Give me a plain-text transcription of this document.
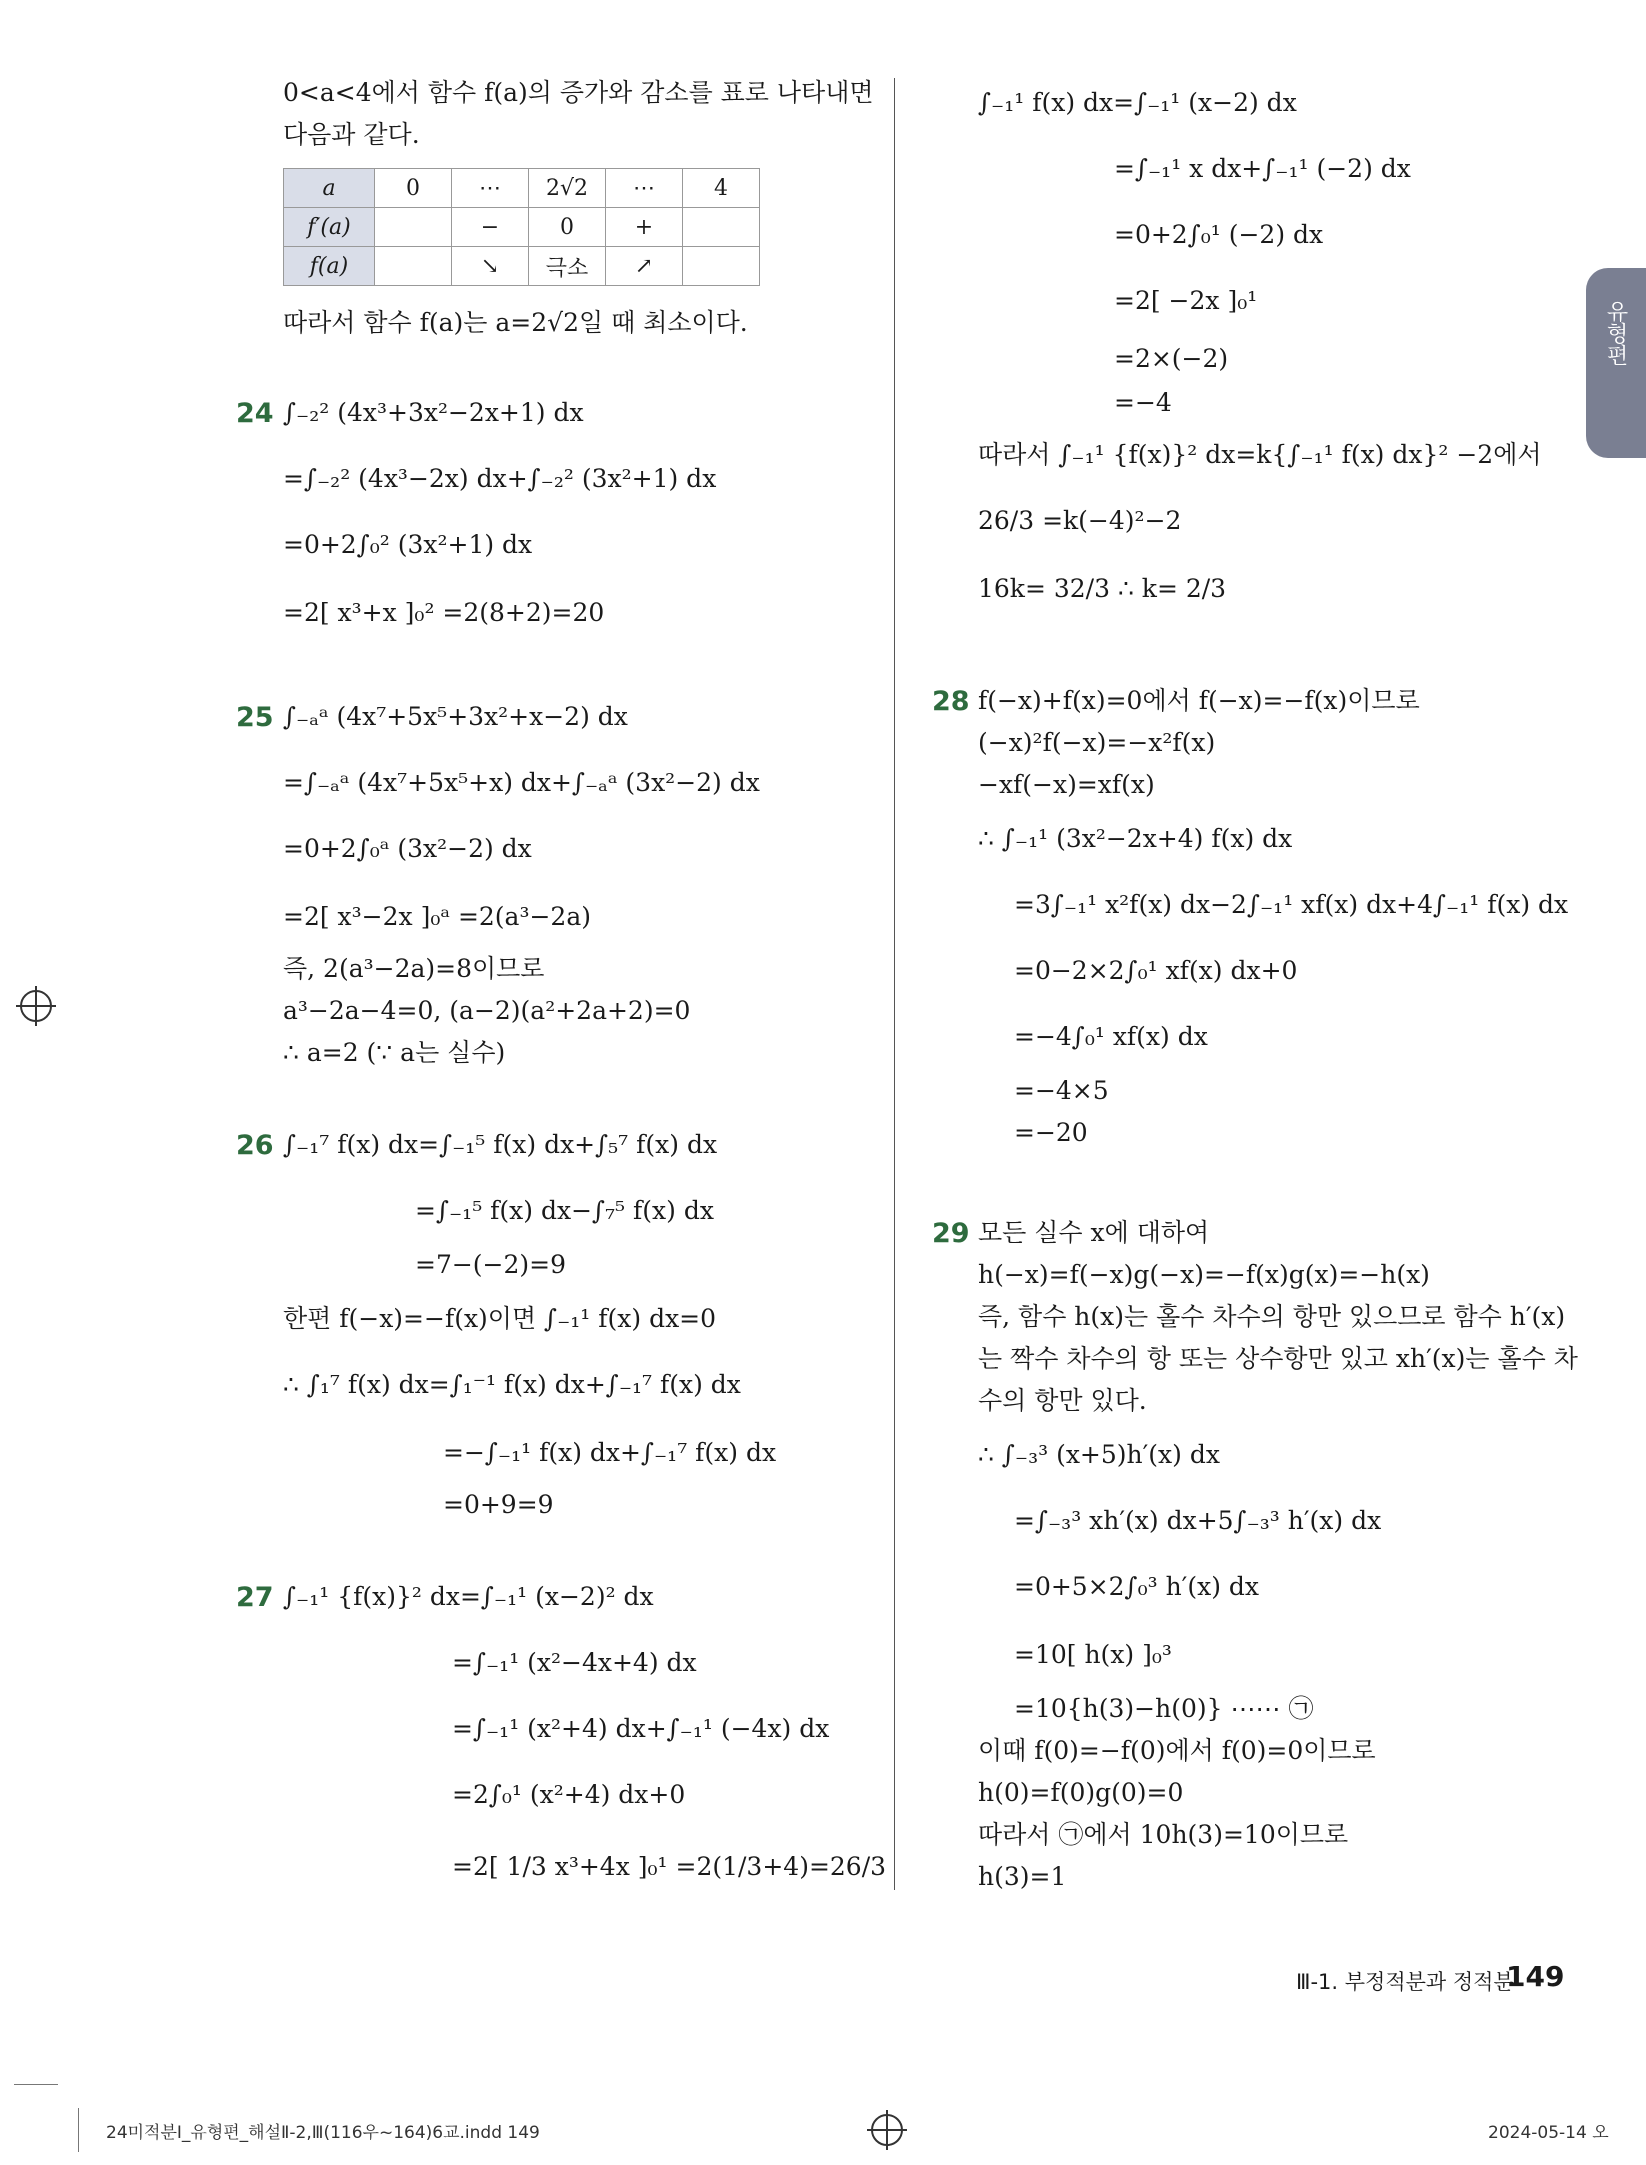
유형편
0<a<4에서 함수 f(a)의 증가와 감소를 표로 나타내면
다음과 같다.
a	0	⋯	2√2	⋯	4
f′(a)		−	0	+	
f(a)		↘	극소	↗	
따라서 함수 f(a)는 a=2√2일 때 최소이다.
24 ∫₋₂² (4x³+3x²−2x+1) dx
=∫₋₂² (4x³−2x) dx+∫₋₂² (3x²+1) dx
=0+2∫₀² (3x²+1) dx
=2[ x³+x ]₀² =2(8+2)=20
25 ∫₋ₐᵃ (4x⁷+5x⁵+3x²+x−2) dx
=∫₋ₐᵃ (4x⁷+5x⁵+x) dx+∫₋ₐᵃ (3x²−2) dx
=0+2∫₀ᵃ (3x²−2) dx
=2[ x³−2x ]₀ᵃ =2(a³−2a)
즉, 2(a³−2a)=8이므로
a³−2a−4=0, (a−2)(a²+2a+2)=0
∴ a=2 (∵ a는 실수)
26 ∫₋₁⁷ f(x) dx=∫₋₁⁵ f(x) dx+∫₅⁷ f(x) dx
=∫₋₁⁵ f(x) dx−∫₇⁵ f(x) dx
=7−(−2)=9
한편 f(−x)=−f(x)이면 ∫₋₁¹ f(x) dx=0
∴ ∫₁⁷ f(x) dx=∫₁⁻¹ f(x) dx+∫₋₁⁷ f(x) dx
=−∫₋₁¹ f(x) dx+∫₋₁⁷ f(x) dx
=0+9=9
27 ∫₋₁¹ {f(x)}² dx=∫₋₁¹ (x−2)² dx
=∫₋₁¹ (x²−4x+4) dx
=∫₋₁¹ (x²+4) dx+∫₋₁¹ (−4x) dx
=2∫₀¹ (x²+4) dx+0
=2[ 1/3 x³+4x ]₀¹ =2(1/3+4)=26/3
∫₋₁¹ f(x) dx=∫₋₁¹ (x−2) dx
=∫₋₁¹ x dx+∫₋₁¹ (−2) dx
=0+2∫₀¹ (−2) dx
=2[ −2x ]₀¹
=2×(−2)
=−4
따라서 ∫₋₁¹ {f(x)}² dx=k{∫₋₁¹ f(x) dx}² −2에서
26/3 =k(−4)²−2
16k= 32/3 ∴ k= 2/3
28 f(−x)+f(x)=0에서 f(−x)=−f(x)이므로
(−x)²f(−x)=−x²f(x)
−xf(−x)=xf(x)
∴ ∫₋₁¹ (3x²−2x+4) f(x) dx
=3∫₋₁¹ x²f(x) dx−2∫₋₁¹ xf(x) dx+4∫₋₁¹ f(x) dx
=0−2×2∫₀¹ xf(x) dx+0
=−4∫₀¹ xf(x) dx
=−4×5
=−20
29 모든 실수 x에 대하여
h(−x)=f(−x)g(−x)=−f(x)g(x)=−h(x)
즉, 함수 h(x)는 홀수 차수의 항만 있으므로 함수 h′(x)
는 짝수 차수의 항 또는 상수항만 있고 xh′(x)는 홀수 차
수의 항만 있다.
∴ ∫₋₃³ (x+5)h′(x) dx
=∫₋₃³ xh′(x) dx+5∫₋₃³ h′(x) dx
=0+5×2∫₀³ h′(x) dx
=10[ h(x) ]₀³
=10{h(3)−h(0)} ⋯⋯ ㉠
이때 f(0)=−f(0)에서 f(0)=0이므로
h(0)=f(0)g(0)=0
따라서 ㉠에서 10h(3)=10이므로
h(3)=1
Ⅲ-1. 부정적분과 정적분
149
24미적분Ⅰ_유형편_해설Ⅱ-2,Ⅲ(116우~164)6교.indd 149	2024-05-14 오
